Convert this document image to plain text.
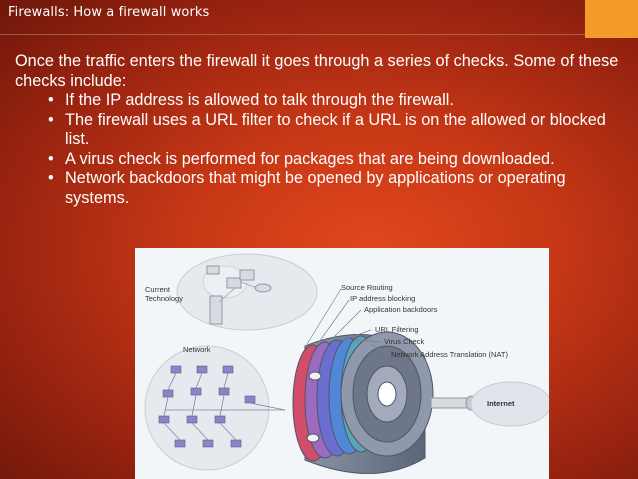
Firewalls: How a firewall works

Once the traffic enters the firewall it goes through a series of checks. Some of these checks include:

• If the IP address is allowed to talk through the firewall.
• The firewall uses a URL filter to check if a URL is on the allowed or blocked list.
• A virus check is performed for packages that are being downloaded.
• Network backdoors that might be opened by applications or operating systems.
Current Technology
Network
Internet
Source Routing
IP address blocking
Application backdoors
URL Filtering
Virus Check
Network Address Translation (NAT)
